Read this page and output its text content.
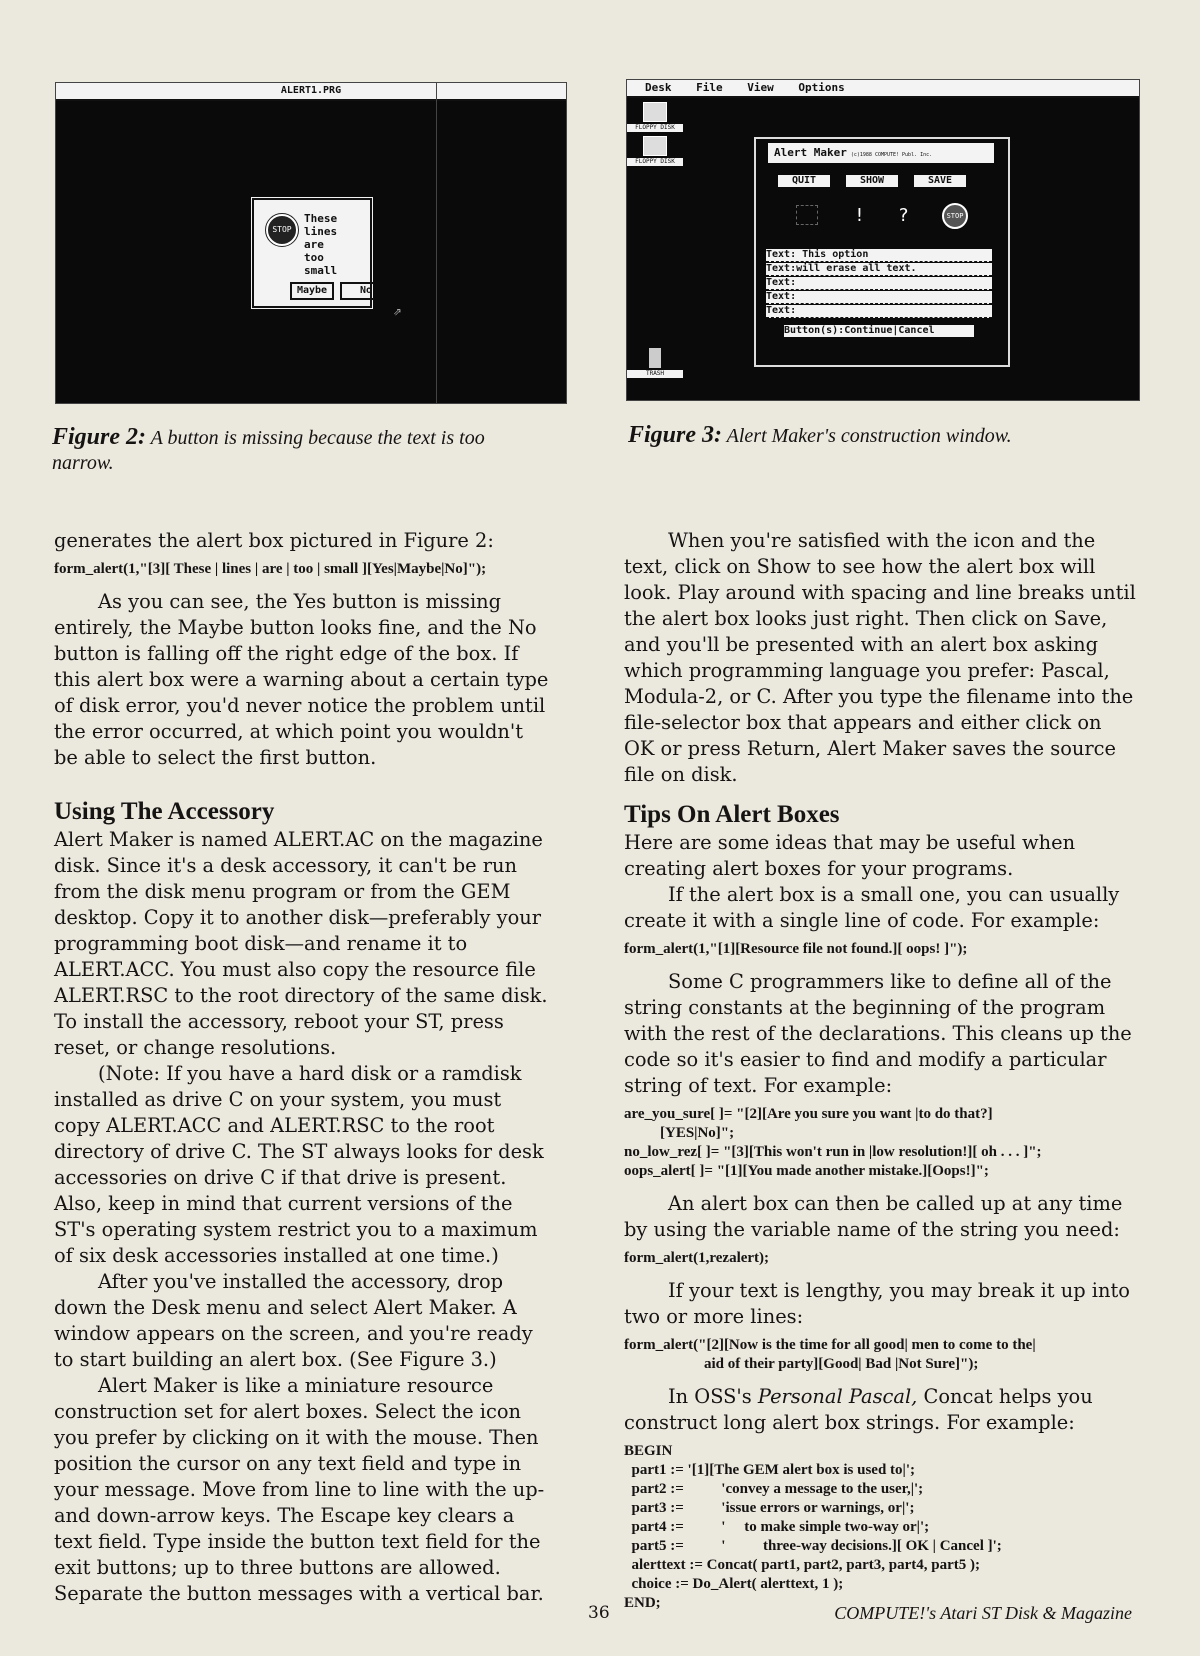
ALERT1.PRG
STOP
These
lines
are
too
small
Maybe	No
⇗
Figure 2: A button is missing because the text is too narrow.
Desk File View Options
FLOPPY DISK
FLOPPY DISK
Alert Maker (c)1988 COMPUTE! Publ. Inc.
QUIT	SHOW	SAVE
! ?	STOP
Text: This option
Text:will erase all text.
Text:
Text:
Text:
Button(s):Continue|Cancel
TRASH
Figure 3: Alert Maker's construction window.

generates the alert box pictured in Figure 2:

form_alert(1,"[3][ These | lines | are | too | small ][Yes|Maybe|No]");

As you can see, the Yes button is missing entirely, the Maybe button looks fine, and the No button is falling off the right edge of the box. If this alert box were a warning about a certain type of disk error, you'd never notice the problem until the error occurred, at which point you wouldn't be able to select the first button.

Using The Accessory

Alert Maker is named ALERT.AC on the magazine disk. Since it's a desk accessory, it can't be run from the disk menu program or from the GEM desktop. Copy it to another disk—preferably your programming boot disk—and rename it to ALERT.ACC. You must also copy the resource file ALERT.RSC to the root directory of the same disk. To install the accessory, reboot your ST, press reset, or change resolutions.

(Note: If you have a hard disk or a ramdisk installed as drive C on your system, you must copy ALERT.ACC and ALERT.RSC to the root directory of drive C. The ST always looks for desk accessories on drive C if that drive is present. Also, keep in mind that current versions of the ST's operating system restrict you to a maximum of six desk accessories installed at one time.)

After you've installed the accessory, drop down the Desk menu and select Alert Maker. A window appears on the screen, and you're ready to start building an alert box. (See Figure 3.)

Alert Maker is like a miniature resource construction set for alert boxes. Select the icon you prefer by clicking on it with the mouse. Then position the cursor on any text field and type in your message. Move from line to line with the up- and down-arrow keys. The Escape key clears a text field. Type inside the button text field for the exit buttons; up to three buttons are allowed. Separate the button messages with a vertical bar.

When you're satisfied with the icon and the text, click on Show to see how the alert box will look. Play around with spacing and line breaks until the alert box looks just right. Then click on Save, and you'll be presented with an alert box asking which programming language you prefer: Pascal, Modula-2, or C. After you type the filename into the file-selector box that appears and either click on OK or press Return, Alert Maker saves the source file on disk.

Tips On Alert Boxes

Here are some ideas that may be useful when creating alert boxes for your programs.

If the alert box is a small one, you can usually create it with a single line of code. For example:

form_alert(1,"[1][Resource file not found.][ oops! ]");

Some C programmers like to define all of the string constants at the beginning of the program with the rest of the declarations. This cleans up the code so it's easier to find and modify a particular string of text. For example:

are_you_sure[ ]= "[2][Are you sure you want |to do that?]
[YES|No]";
no_low_rez[ ]= "[3][This won't run in |low resolution!][ oh . . . ]";
oops_alert[ ]= "[1][You made another mistake.][Oops!]";

An alert box can then be called up at any time by using the variable name of the string you need:

form_alert(1,rezalert);

If your text is lengthy, you may break it up into two or more lines:

form_alert("[2][Now is the time for all good| men to come to the|
aid of their party][Good| Bad |Not Sure]");

In OSS's Personal Pascal, Concat helps you construct long alert box strings. For example:

BEGIN
part1 := '[1][The GEM alert box is used to|';
part2 :=          'convey a message to the user,|';
part3 :=          'issue errors or warnings, or|';
part4 :=          '     to make simple two-way or|';
part5 :=          '          three-way decisions.][ OK | Cancel ]';
alerttext := Concat( part1, part2, part3, part4, part5 );
choice := Do_Alert( alerttext, 1 );
END;
36	COMPUTE!'s Atari ST Disk & Magazine
